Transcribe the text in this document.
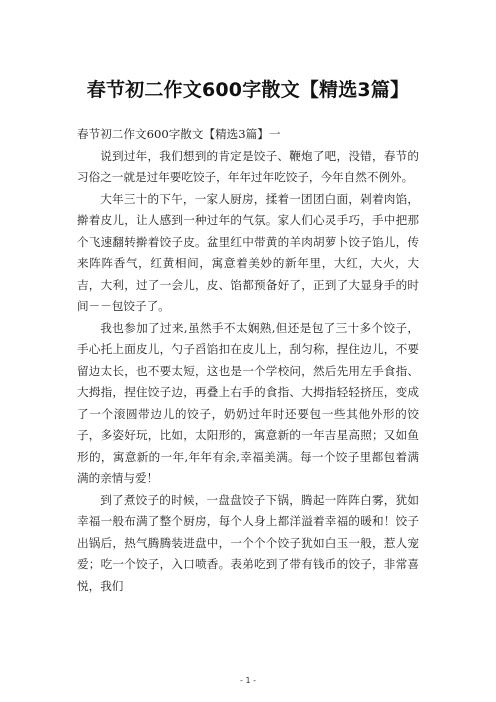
春节初二作文600字散文【精选3篇】

春节初二作文600字散文【精选3篇】一

说到过年，我们想到的肯定是饺子、鞭炮了吧，没错，春节的习俗之一就是过年要吃饺子，年年过年吃饺子，今年自然不例外。

大年三十的下午，一家人厨房，揉着一团团白面，剁着肉馅，擀着皮儿，让人感到一种过年的气氛。家人们心灵手巧，手中把那个飞速翻转擀着饺子皮。盆里红中带黄的羊肉胡萝卜饺子馅儿，传来阵阵香气，红黄相间，寓意着美妙的新年里，大红，大火，大吉，大利，过了一会儿，皮、馅都预备好了，正到了大显身手的时间－－包饺子了。

我也参加了过来,虽然手不太娴熟,但还是包了三十多个饺子，手心托上面皮儿，勺子舀馅扣在皮儿上，刮匀称，捏住边儿，不要留边太长，也不要太短，这也是一个学校问，然后先用左手食指、大拇指，捏住饺子边，再叠上右手的食指、大拇指轻轻挤压，变成了一个滚圆带边儿的饺子，奶奶过年时还要包一些其他外形的饺子，多姿好玩，比如，太阳形的，寓意新的一年吉星高照；又如鱼形的，寓意新的一年,年年有余,幸福美满。每一个饺子里都包着满满的亲情与爱！

到了煮饺子的时候，一盘盘饺子下锅，腾起一阵阵白雾，犹如幸福一般布满了整个厨房，每个人身上都洋溢着幸福的暖和！饺子出锅后，热气腾腾装进盘中，一个个个饺子犹如白玉一般，惹人宠爱；吃一个饺子，入口喷香。表弟吃到了带有钱币的饺子，非常喜悦，我们

- 1 -
